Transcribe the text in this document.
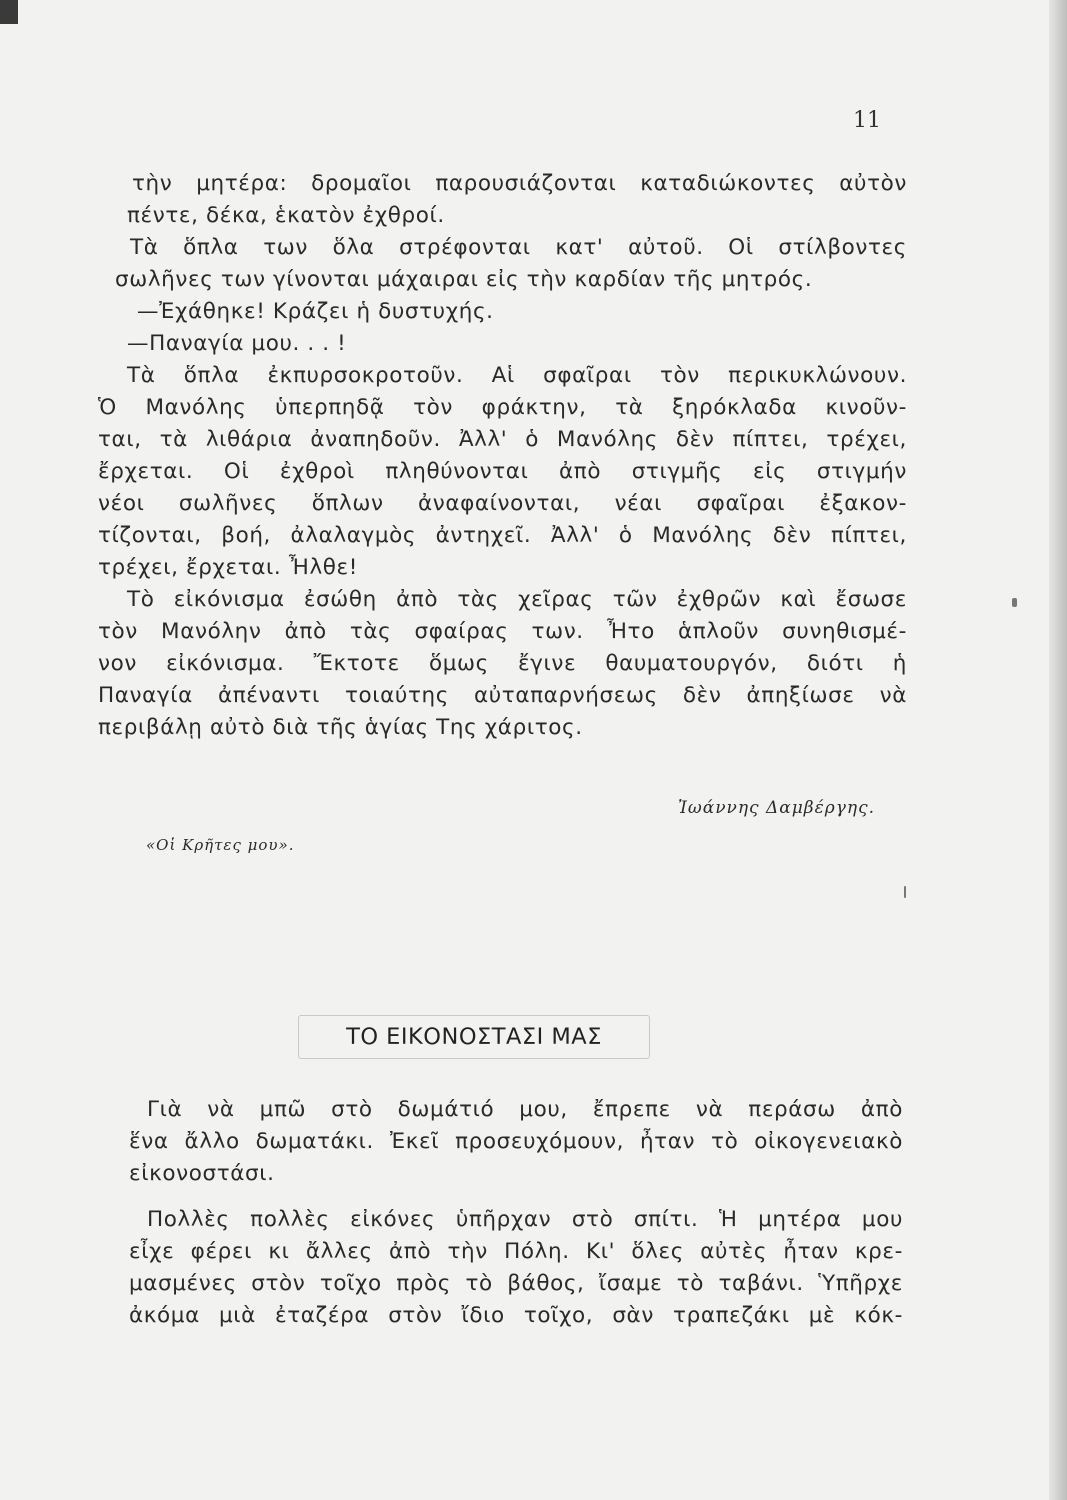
11
τὴν μητέρα: δρομαῖοι παρουσιάζονται καταδιώκοντες αὐτὸν
πέντε, δέκα, ἑκατὸν ἐχθροί.
Τὰ ὅπλα των ὅλα στρέφονται κατ' αὐτοῦ. Οἱ στίλβοντες
σωλῆνες των γίνονται μάχαιραι εἰς τὴν καρδίαν τῆς μητρός.
—Ἐχάθηκε! Κράζει ἡ δυστυχής.
—Παναγία μου. . . !
Τὰ ὅπλα ἐκπυρσοκροτοῦν. Αἱ σφαῖραι τὸν περικυκλώνουν.
Ὁ Μανόλης ὑπερπηδᾷ τὸν φράκτην, τὰ ξηρόκλαδα κινοῦν-
ται, τὰ λιθάρια ἀναπηδοῦν. Ἀλλ' ὁ Μανόλης δὲν πίπτει, τρέχει,
ἔρχεται. Οἱ ἐχθροὶ πληθύνονται ἀπὸ στιγμῆς εἰς στιγμήν
νέοι σωλῆνες ὅπλων ἀναφαίνονται, νέαι σφαῖραι ἐξακον-
τίζονται, βοή, ἀλαλαγμὸς ἀντηχεῖ. Ἀλλ' ὁ Μανόλης δὲν πίπτει,
τρέχει, ἔρχεται. Ἦλθε!
Τὸ εἰκόνισμα ἐσώθη ἀπὸ τὰς χεῖρας τῶν ἐχθρῶν καὶ ἔσωσε
τὸν Μανόλην ἀπὸ τὰς σφαίρας των. Ἦτο ἁπλοῦν συνηθισμέ-
νον εἰκόνισμα. Ἔκτοτε ὅμως ἔγινε θαυματουργόν, διότι ἡ
Παναγία ἀπέναντι τοιαύτης αὐταπαρνήσεως δὲν ἀπηξίωσε νὰ
περιβάλῃ αὐτὸ διὰ τῆς ἁγίας Της χάριτος.
Ἰωάννης Δαμβέργης.
«Οἱ Κρῆτες μου».
ΤΟ ΕΙΚΟΝΟΣΤΑΣΙ ΜΑΣ
Γιὰ νὰ μπῶ στὸ δωμάτιό μου, ἔπρεπε νὰ περάσω ἀπὸ
ἕνα ἄλλο δωματάκι. Ἐκεῖ προσευχόμουν, ἦταν τὸ οἰκογενειακὸ
εἰκονοστάσι.
Πολλὲς πολλὲς εἰκόνες ὑπῆρχαν στὸ σπίτι. Ἡ μητέρα μου
εἶχε φέρει κι ἄλλες ἀπὸ τὴν Πόλη. Κι' ὅλες αὐτὲς ἦταν κρε-
μασμένες στὸν τοῖχο πρὸς τὸ βάθος, ἴσαμε τὸ ταβάνι. Ὑπῆρχε
ἀκόμα μιὰ ἐταζέρα στὸν ἴδιο τοῖχο, σὰν τραπεζάκι μὲ κόκ-
